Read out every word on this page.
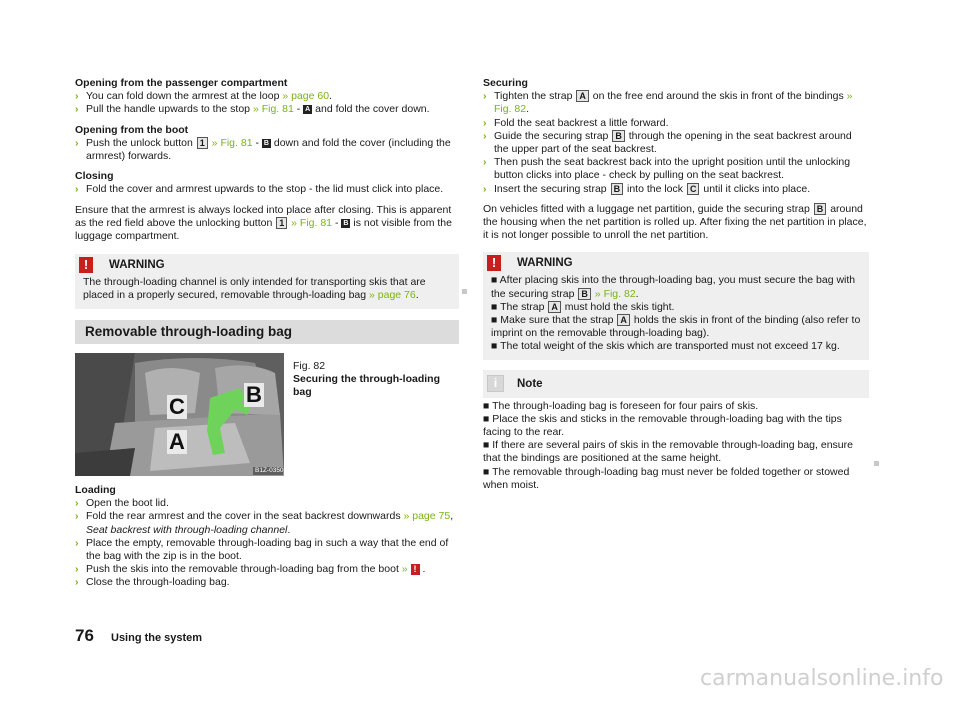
Opening from the passenger compartment
› You can fold down the armrest at the loop » page 60.
› Pull the handle upwards to the stop » Fig. 81 - A and fold the cover down.
Opening from the boot
› Push the unlock button 1 » Fig. 81 - B down and fold the cover (including the armrest) forwards.
Closing
› Fold the cover and armrest upwards to the stop - the lid must click into place.
Ensure that the armrest is always locked into place after closing. This is apparent as the red field above the unlocking button 1 » Fig. 81 - B is not visible from the luggage compartment.
!	WARNING
The through-loading channel is only intended for transporting skis that are placed in a properly secured, removable through-loading bag » page 76.
Removable through-loading bag
B
C
A
B1Z-0350
Fig. 82
Securing the through-loading bag
Loading
› Open the boot lid.
› Fold the rear armrest and the cover in the seat backrest downwards » page 75,
Seat backrest with through-loading channel.
› Place the empty, removable through-loading bag in such a way that the end of the bag with the zip is in the boot.
› Push the skis into the removable through-loading bag from the boot » ! .
› Close the through-loading bag.
Securing
› Tighten the strap A on the free end around the skis in front of the bindings » Fig. 82.
› Fold the seat backrest a little forward.
› Guide the securing strap B through the opening in the seat backrest around the upper part of the seat backrest.
› Then push the seat backrest back into the upright position until the unlocking button clicks into place - check by pulling on the seat backrest.
› Insert the securing strap B into the lock C until it clicks into place.
On vehicles fitted with a luggage net partition, guide the securing strap B around the housing when the net partition is rolled up. After fixing the net partition in place, it is not longer possible to unroll the net partition.
!	WARNING
■ After placing skis into the through-loading bag, you must secure the bag with the securing strap B » Fig. 82.
■ The strap A must hold the skis tight.
■ Make sure that the strap A holds the skis in front of the binding (also refer to imprint on the removable through-loading bag).
■ The total weight of the skis which are transported must not exceed 17 kg.
i	Note
■ The through-loading bag is foreseen for four pairs of skis.
■ Place the skis and sticks in the removable through-loading bag with the tips facing to the rear.
■ If there are several pairs of skis in the removable through-loading bag, ensure that the bindings are positioned at the same height.
■ The removable through-loading bag must never be folded together or stowed when moist.
76 Using the system
carmanualsonline.info
